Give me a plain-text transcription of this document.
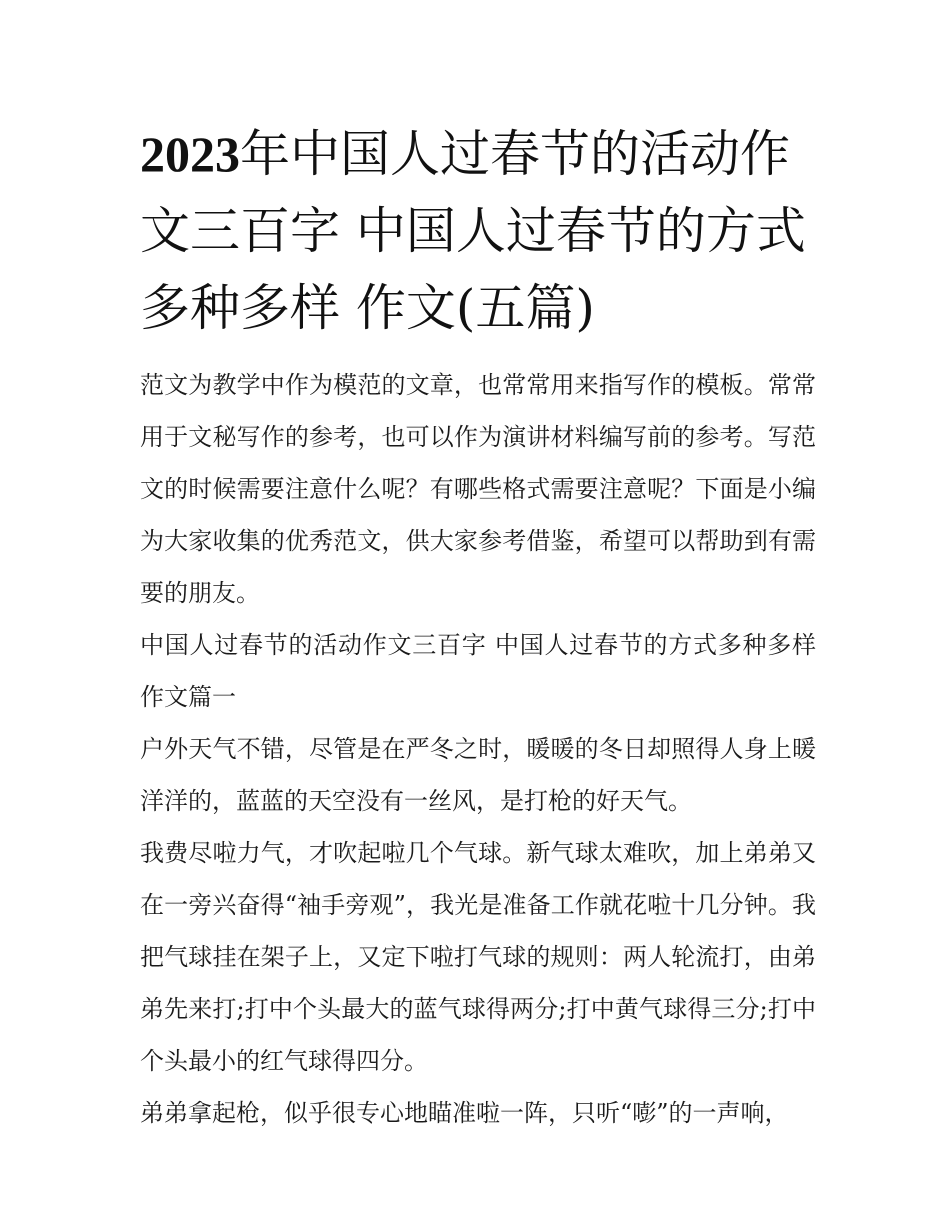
2023年中国人过春节的活动作文三百字 中国人过春节的方式多种多样 作文(五篇)

范文为教学中作为模范的文章，也常常用来指写作的模板。常常用于文秘写作的参考，也可以作为演讲材料编写前的参考。写范文的时候需要注意什么呢？有哪些格式需要注意呢？下面是小编为大家收集的优秀范文，供大家参考借鉴，希望可以帮助到有需要的朋友。

中国人过春节的活动作文三百字 中国人过春节的方式多种多样 作文篇一

户外天气不错，尽管是在严冬之时，暖暖的冬日却照得人身上暖洋洋的，蓝蓝的天空没有一丝风，是打枪的好天气。

我费尽啦力气，才吹起啦几个气球。新气球太难吹，加上弟弟又在一旁兴奋得“袖手旁观”，我光是准备工作就花啦十几分钟。我把气球挂在架子上，又定下啦打气球的规则：两人轮流打，由弟弟先来打;打中个头最大的蓝气球得两分;打中黄气球得三分;打中个头最小的红气球得四分。

弟弟拿起枪，似乎很专心地瞄准啦一阵，只听“嘭”的一声响，
